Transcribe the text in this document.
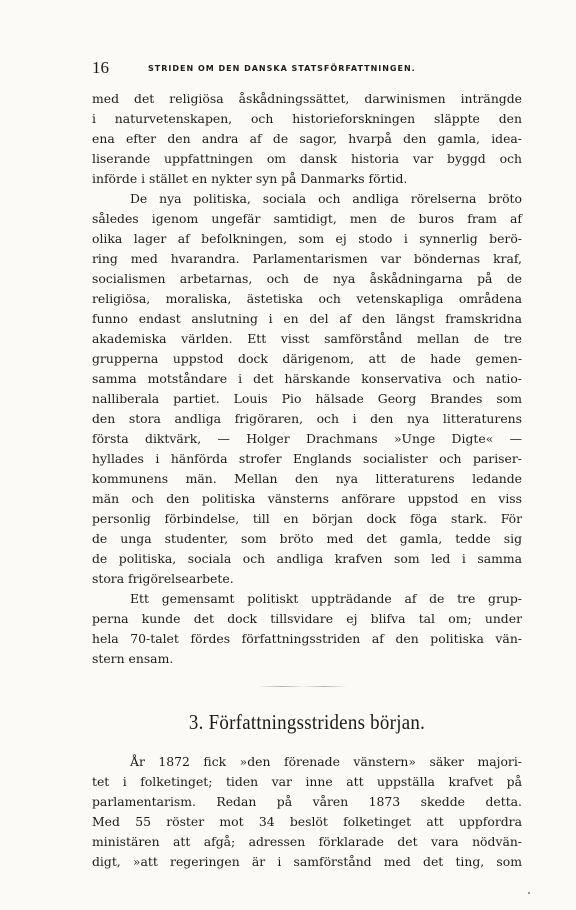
16	STRIDEN OM DEN DANSKA STATSFÖRFATTNINGEN.
med det religiösa åskådningssättet, darwinismen inträngde
i naturvetenskapen, och historieforskningen släppte den
ena efter den andra af de sagor, hvarpå den gamla, idea-
liserande uppfattningen om dansk historia var byggd och
införde i stället en nykter syn på Danmarks förtid.
De nya politiska, sociala och andliga rörelserna bröto
således igenom ungefär samtidigt, men de buros fram af
olika lager af befolkningen, som ej stodo i synnerlig berö-
ring med hvarandra. Parlamentarismen var böndernas kraf,
socialismen arbetarnas, och de nya åskådningarna på de
religiösa, moraliska, ästetiska och vetenskapliga områdena
funno endast anslutning i en del af den längst framskridna
akademiska världen. Ett visst samförstånd mellan de tre
grupperna uppstod dock därigenom, att de hade gemen-
samma motståndare i det härskande konservativa och natio-
nalliberala partiet. Louis Pio hälsade Georg Brandes som
den stora andliga frigöraren, och i den nya litteraturens
första diktvärk, — Holger Drachmans »Unge Digte« —
hyllades i hänförda strofer Englands socialister och pariser-
kommunens män. Mellan den nya litteraturens ledande
män och den politiska vänsterns anförare uppstod en viss
personlig förbindelse, till en början dock föga stark. För
de unga studenter, som bröto med det gamla, tedde sig
de politiska, sociala och andliga krafven som led i samma
stora frigörelsearbete.
Ett gemensamt politiskt uppträdande af de tre grup-
perna kunde det dock tillsvidare ej blifva tal om; under
hela 70-talet fördes författningsstriden af den politiska vän-
stern ensam.
3. Författningsstridens början.
År 1872 fick »den förenade vänstern» säker majori-
tet i folketinget; tiden var inne att uppställa krafvet på
parlamentarism. Redan på våren 1873 skedde detta.
Med 55 röster mot 34 beslöt folketinget att uppfordra
ministären att afgå; adressen förklarade det vara nödvän-
digt, »att regeringen är i samförstånd med det ting, som
